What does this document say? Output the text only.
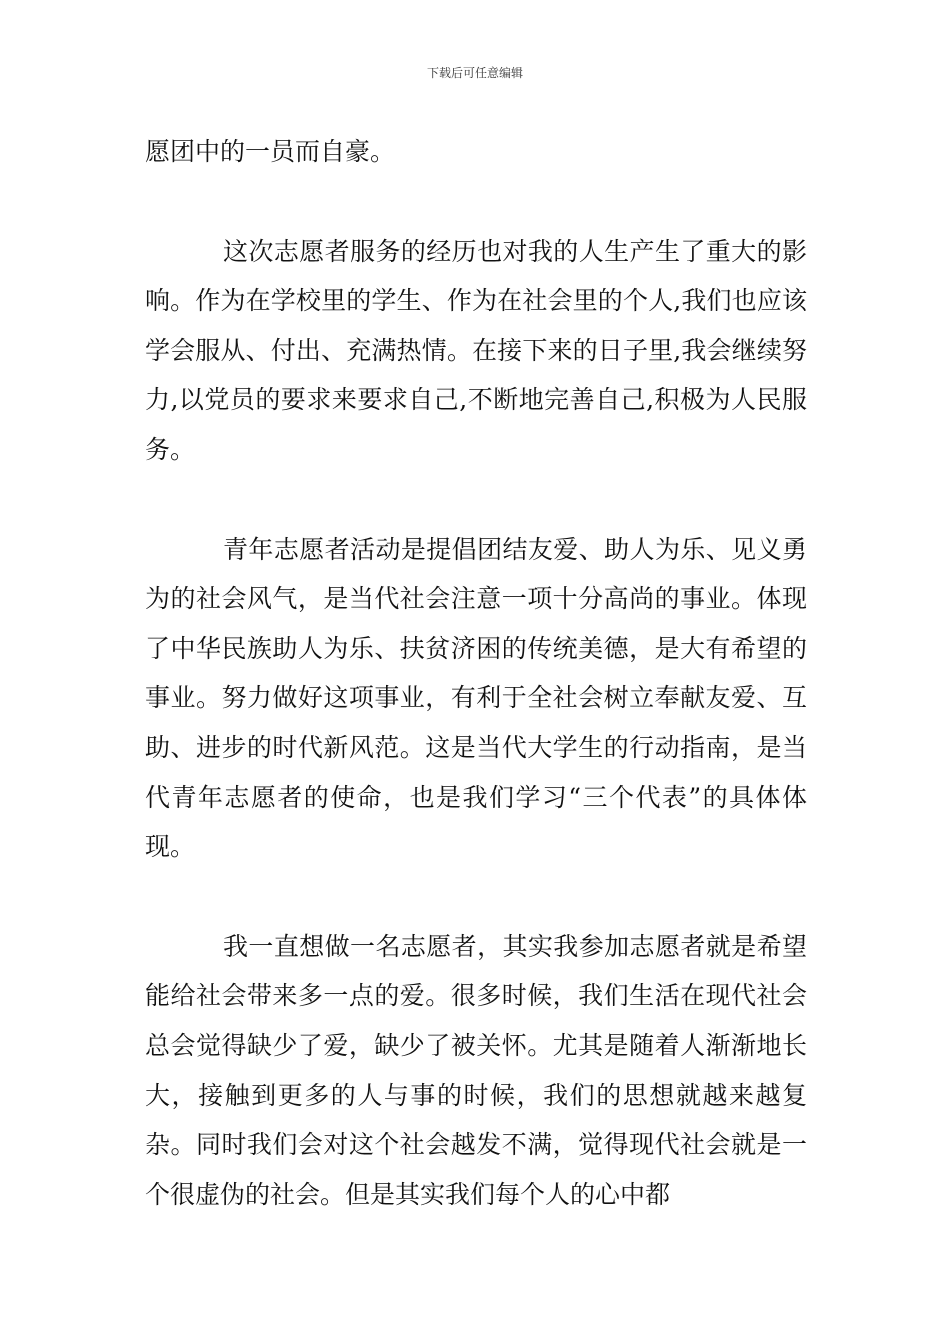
下载后可任意编辑

愿团中的一员而自豪。

这次志愿者服务的经历也对我的人生产生了重大的影响。作为在学校里的学生、作为在社会里的个人,我们也应该学会服从、付出、充满热情。在接下来的日子里,我会继续努力,以党员的要求来要求自己,不断地完善自己,积极为人民服务。

青年志愿者活动是提倡团结友爱、助人为乐、见义勇为的社会风气，是当代社会注意一项十分高尚的事业。体现了中华民族助人为乐、扶贫济困的传统美德，是大有希望的事业。努力做好这项事业，有利于全社会树立奉献友爱、互助、进步的时代新风范。这是当代大学生的行动指南，是当代青年志愿者的使命，也是我们学习“三个代表”的具体体现。

我一直想做一名志愿者，其实我参加志愿者就是希望能给社会带来多一点的爱。很多时候，我们生活在现代社会总会觉得缺少了爱，缺少了被关怀。尤其是随着人渐渐地长大，接触到更多的人与事的时候，我们的思想就越来越复杂。同时我们会对这个社会越发不满，觉得现代社会就是一个很虚伪的社会。但是其实我们每个人的心中都
